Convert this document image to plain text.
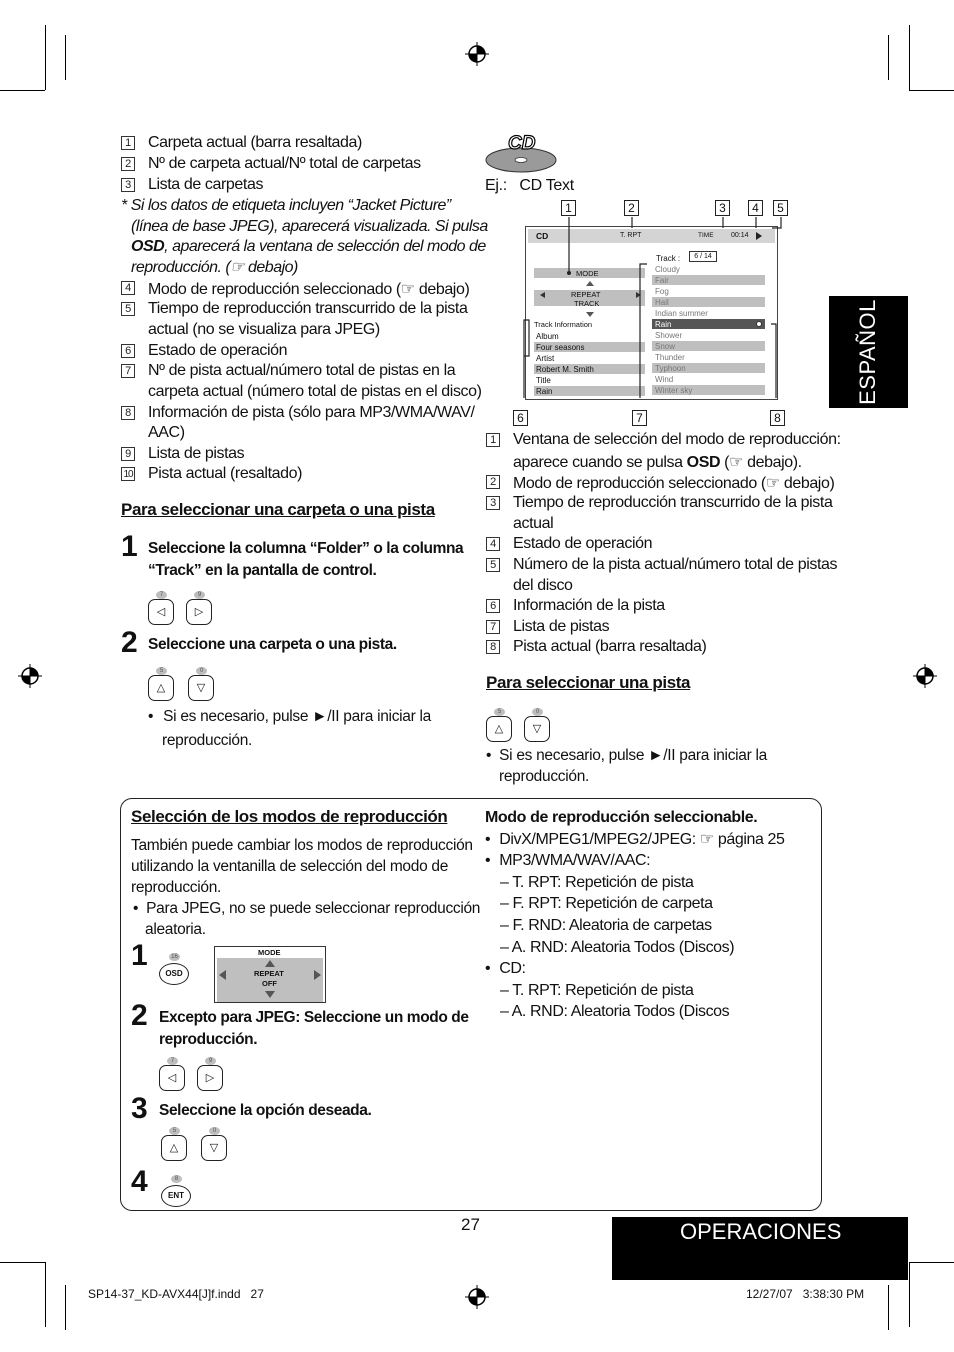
1 Carpeta actual (barra resaltada)
2 Nº de carpeta actual/Nº total de carpetas
3 Lista de carpetas
* Si los datos de etiqueta incluyen “Jacket Picture”
(línea de base JPEG), aparecerá visualizada. Si pulsa
OSD, aparecerá la ventana de selección del modo de
reproducción. (☞ debajo)
4 Modo de reproducción seleccionado (☞ debajo)
5 Tiempo de reproducción transcurrido de la pista
actual (no se visualiza para JPEG)
6 Estado de operación
7 Nº de pista actual/número total de pistas en la
carpeta actual (número total de pistas en el disco)
8 Información de pista (sólo para MP3/WMA/WAV/
AAC)
9 Lista de pistas
10 Pista actual (resaltado)
Para seleccionar una carpeta o una pista
1 Seleccione la columna “Folder” o la columna
“Track” en la pantalla de control.
7
◁
9
▷
2 Seleccione una carpeta o una pista.
5
△
0
▽
• Si es necesario, pulse ►/II para iniciar la
reproducción.
CD
Ej.: CD Text
1	2	3	4	5
CD	T. RPT	TIME 00:14
Track :	6 / 14
MODE
REPEAT
TRACK
Track Information
Album
Four seasons
Artist
Robert M. Smith
Title
Rain
Cloudy
Fair
Fog
Hail
Indian summer
Rain
Shower
Snow
Thunder
Typhoon
Wind
Winter sky
6	7	8
1 Ventana de selección del modo de reproducción:
aparece cuando se pulsa OSD (☞ debajo).
2 Modo de reproducción seleccionado (☞ debajo)
3 Tiempo de reproducción transcurrido de la pista
actual
4 Estado de operación
5 Número de la pista actual/número total de pistas
del disco
6 Información de la pista
7 Lista de pistas
8 Pista actual (barra resaltada)
Para seleccionar una pista
5
△
0
▽
• Si es necesario, pulse ►/II para iniciar la
reproducción.
Selección de los modos de reproducción
También puede cambiar los modos de reproducción
utilizando la ventanilla de selección del modo de
reproducción.
• Para JPEG, no se puede seleccionar reproducción
aleatoria.
1	16
OSD
MODE
REPEAT
OFF
2 Excepto para JPEG: Seleccione un modo de
reproducción.
7
◁
9
▷
3 Seleccione la opción deseada.
5
△
0
▽
4	8
ENT
Modo de reproducción seleccionable.
• DivX/MPEG1/MPEG2/JPEG: ☞ página 25
• MP3/WMA/WAV/AAC:
– T. RPT: Repetición de pista
– F. RPT: Repetición de carpeta
– F. RND: Aleatoria de carpetas
– A. RND: Aleatoria Todos (Discos)
• CD:
– T. RPT: Repetición de pista
– A. RND: Aleatoria Todos (Discos
ESPAÑOL
27	OPERACIONES
SP14-37_KD-AVX44[J]f.indd   27	12/27/07   3:38:30 PM
